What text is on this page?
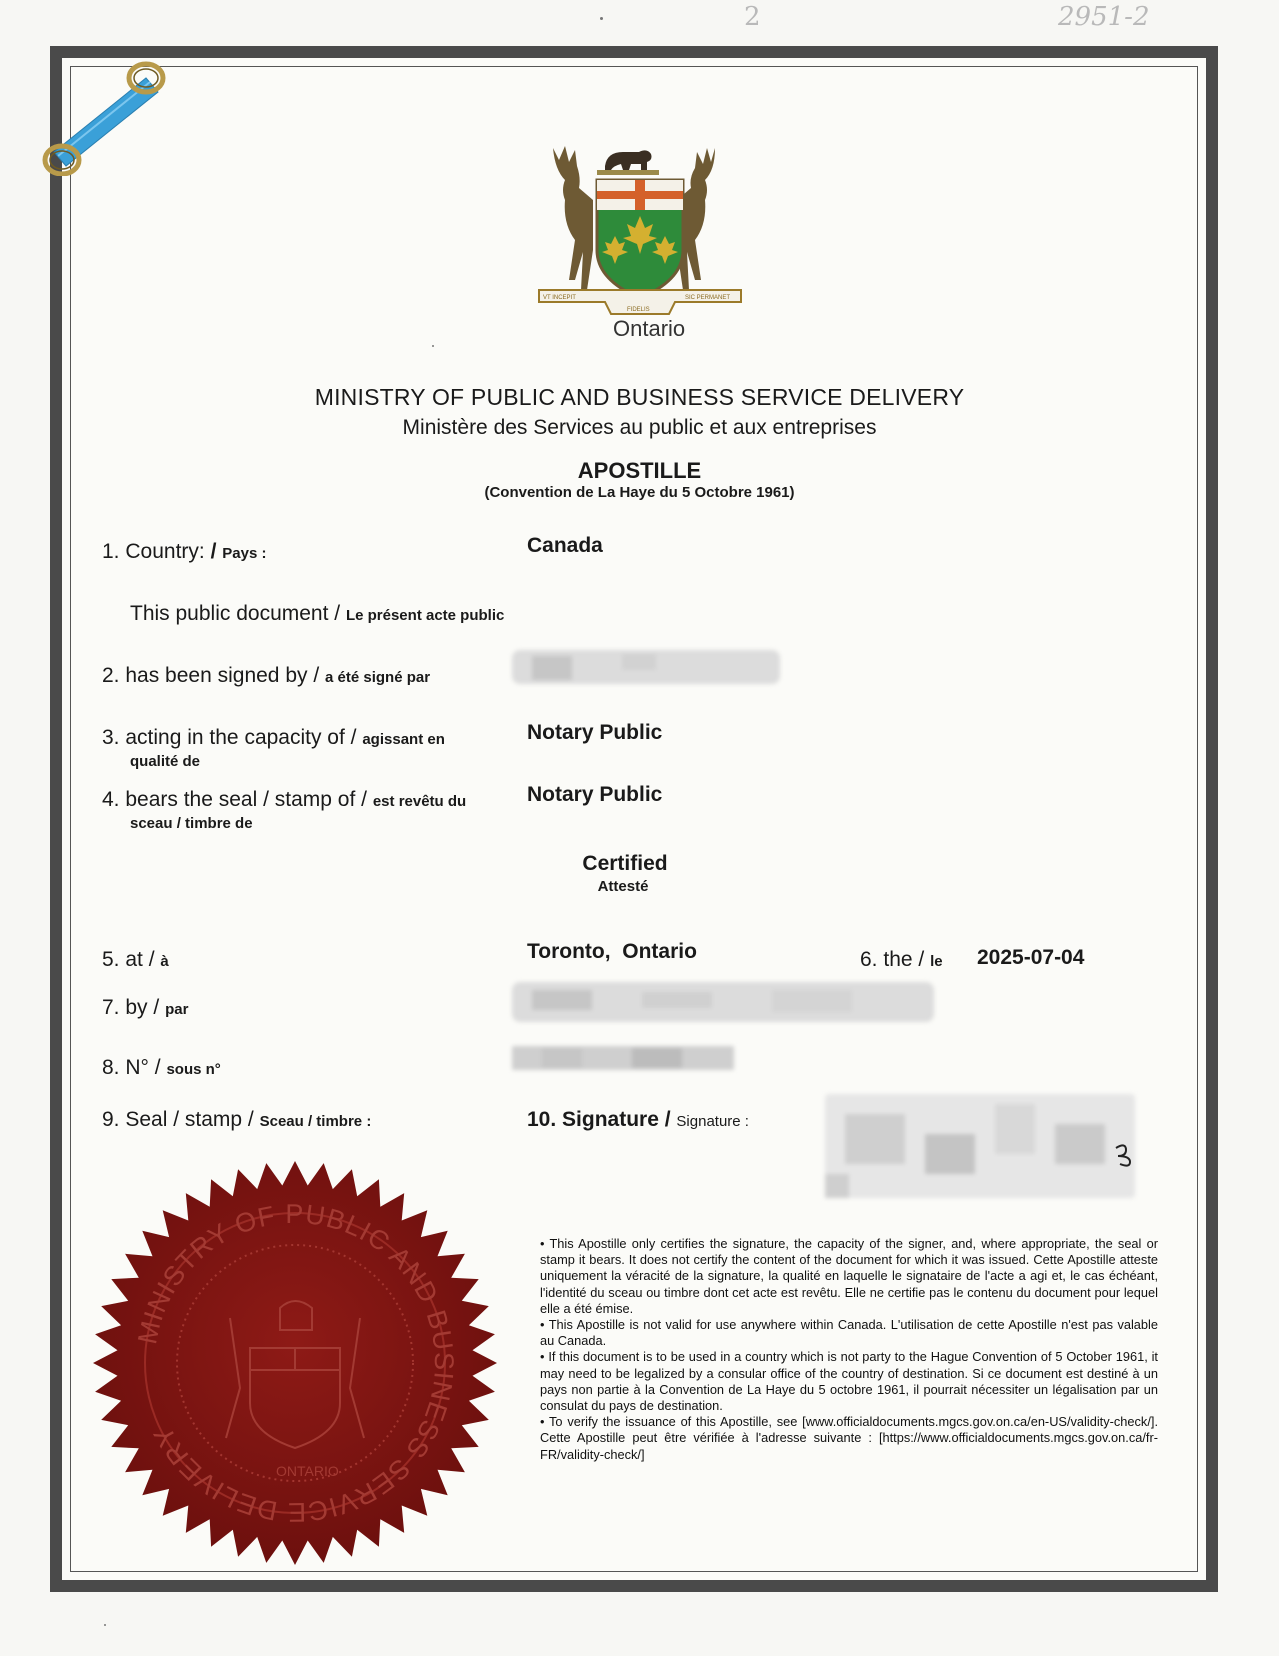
2	2951-2
VT INCEPIT
FIDELIS
SIC PERMANET
Ontario
MINISTRY OF PUBLIC AND BUSINESS SERVICE DELIVERY
Ministère des Services au public et aux entreprises
APOSTILLE
(Convention de La Haye du 5 Octobre 1961)
1. Country: / Pays :	Canada
This public document / Le présent acte public
2. has been signed by / a été signé par
3. acting in the capacity of / agissant en
qualité de
Notary Public
4. bears the seal / stamp of / est revêtu du
sceau / timbre de
Notary Public
Certified
Attesté
5. at / à	Toronto,  Ontario	6. the / le 2025-07-04
7. by / par
8. N° / sous n°
9. Seal / stamp / Sceau / timbre :	10. Signature / Signature :
MINISTRY OF PUBLIC AND BUSINESS SERVICE DELIVERY
ONTARIO

• This Apostille only certifies the signature, the capacity of the signer, and, where appropriate, the seal or stamp it bears. It does not certify the content of the document for which it was issued. Cette Apostille atteste uniquement la véracité de la signature, la qualité en laquelle le signataire de l'acte a agi et, le cas échéant, l'identité du sceau ou timbre dont cet acte est revêtu. Elle ne certifie pas le contenu du document pour lequel elle a été émise.

• This Apostille is not valid for use anywhere within Canada. L'utilisation de cette Apostille n'est pas valable au Canada.

• If this document is to be used in a country which is not party to the Hague Convention of 5 October 1961, it may need to be legalized by a consular office of the country of destination. Si ce document est destiné à un pays non partie à la Convention de La Haye du 5 octobre 1961, il pourrait nécessiter un légalisation par un consulat du pays de destination.

• To verify the issuance of this Apostille, see [www.officialdocuments.mgcs.gov.on.ca/en-US/validity-check/]. Cette Apostille peut être vérifiée à l'adresse suivante : [https://www.officialdocuments.mgcs.gov.on.ca/fr-FR/validity-check/]
